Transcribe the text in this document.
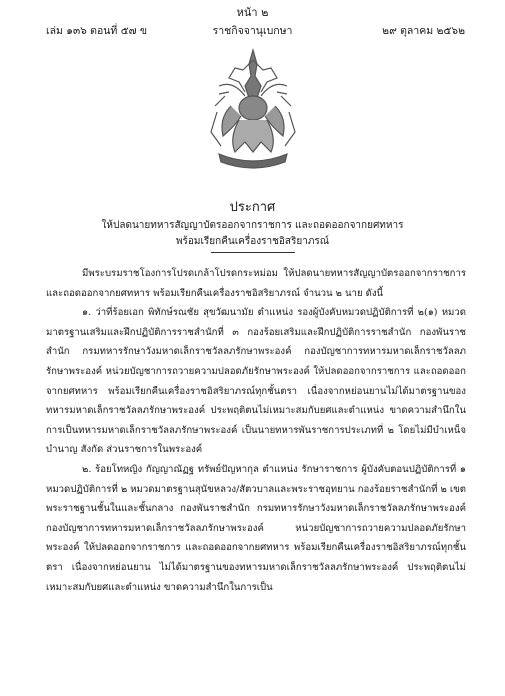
หน้า ๒
เล่ม ๑๓๖ ตอนที่ ๕๗ ข	ราชกิจจานุเบกษา	๒๙ ตุลาคม ๒๕๖๒
ประกาศ
ให้ปลดนายทหารสัญญาบัตรออกจากราชการ และถอดออกจากยศทหาร
พร้อมเรียกคืนเครื่องราชอิสริยาภรณ์

มีพระบรมราชโองการโปรดเกล้าโปรดกระหม่อม ให้ปลดนายทหารสัญญาบัตรออกจากราชการ และถอดออกจากยศทหาร พร้อมเรียกคืนเครื่องราชอิสริยาภรณ์ จำนวน ๒ นาย ดังนี้

๑. ว่าที่ร้อยเอก พิทักษ์รณชัย สุขวัฒนามัย ตำแหน่ง รองผู้บังคับหมวดปฏิบัติการที่ ๒(๑) หมวดมาตรฐานเสริมและฝึกปฏิบัติการราชสำนักที่ ๓ กองร้อยเสริมและฝึกปฏิบัติการราชสำนัก กองพันราชสำนัก กรมทหารรักษาวังมหาดเล็กราชวัลลภรักษาพระองค์ กองบัญชาการทหารมหาดเล็กราชวัลลภรักษาพระองค์ หน่วยบัญชาการถวายความปลอดภัยรักษาพระองค์ ให้ปลดออกจากราชการ และถอดออกจากยศทหาร พร้อมเรียกคืนเครื่องราชอิสริยาภรณ์ทุกชั้นตรา เนื่องจากหย่อนยานไม่ได้มาตรฐานของทหารมหาดเล็กราชวัลลภรักษาพระองค์ ประพฤติตนไม่เหมาะสมกับยศและตำแหน่ง ขาดความสำนึกในการเป็นทหารมหาดเล็กราชวัลลภรักษาพระองค์ เป็นนายทหารพันราชการประเภทที่ ๒ โดยไม่มีบำเหน็จบำนาญ สังกัด ส่วนราชการในพระองค์

๒. ร้อยโทหญิง กัญญาณัฏฐ ทรัพย์ปัญหากุล ตำแหน่ง รักษาราชการ ผู้บังคับตอนปฏิบัติการที่ ๑ หมวดปฏิบัติการที่ ๒ หมวดมาตรฐานสุนัขหลวง/สัตวบาลและพระราชอุทยาน กองร้อยราชสำนักที่ ๒ เขตพระราชฐานชั้นในและชั้นกลาง กองพันราชสำนัก กรมทหารรักษาวังมหาดเล็กราชวัลลภรักษาพระองค์ กองบัญชาการทหารมหาดเล็กราชวัลลภรักษาพระองค์ หน่วยบัญชาการถวายความปลอดภัยรักษาพระองค์ ให้ปลดออกจากราชการ และถอดออกจากยศทหาร พร้อมเรียกคืนเครื่องราชอิสริยาภรณ์ทุกชั้นตรา เนื่องจากหย่อนยาน ไม่ได้มาตรฐานของทหารมหาดเล็กราชวัลลภรักษาพระองค์ ประพฤติตนไม่เหมาะสมกับยศและตำแหน่ง ขาดความสำนึกในการเป็น
